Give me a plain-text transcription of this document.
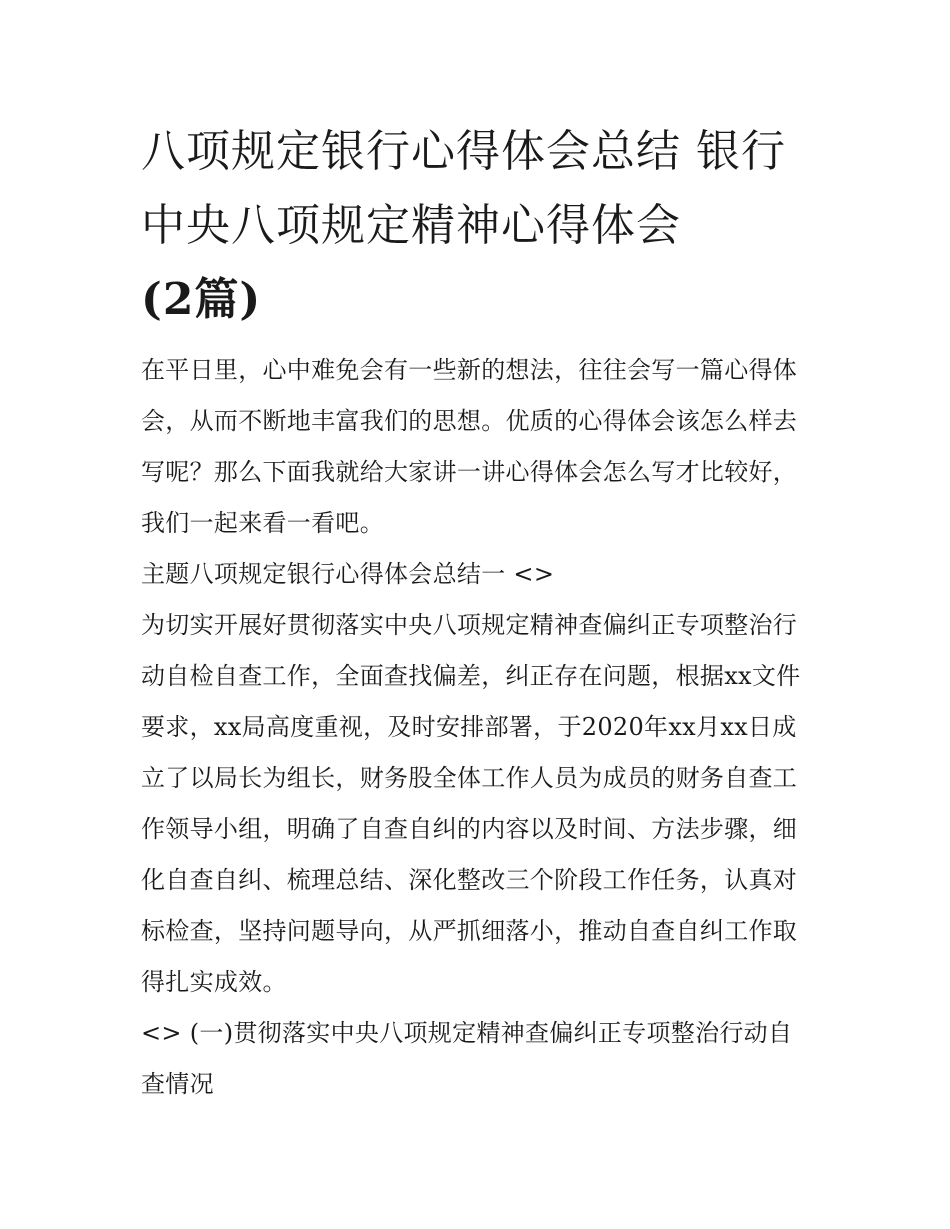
八项规定银行心得体会总结 银行中央八项规定精神心得体会
(2篇)

在平日里，心中难免会有一些新的想法，往往会写一篇心得体会，从而不断地丰富我们的思想。优质的心得体会该怎么样去写呢？那么下面我就给大家讲一讲心得体会怎么写才比较好，我们一起来看一看吧。

主题八项规定银行心得体会总结一 <>

为切实开展好贯彻落实中央八项规定精神查偏纠正专项整治行动自检自查工作，全面查找偏差，纠正存在问题，根据xx文件要求，xx局高度重视，及时安排部署，于2020年xx月xx日成立了以局长为组长，财务股全体工作人员为成员的财务自查工作领导小组，明确了自查自纠的内容以及时间、方法步骤，细化自查自纠、梳理总结、深化整改三个阶段工作任务，认真对标检查，坚持问题导向，从严抓细落小，推动自查自纠工作取得扎实成效。

<> (一)贯彻落实中央八项规定精神查偏纠正专项整治行动自查情况
